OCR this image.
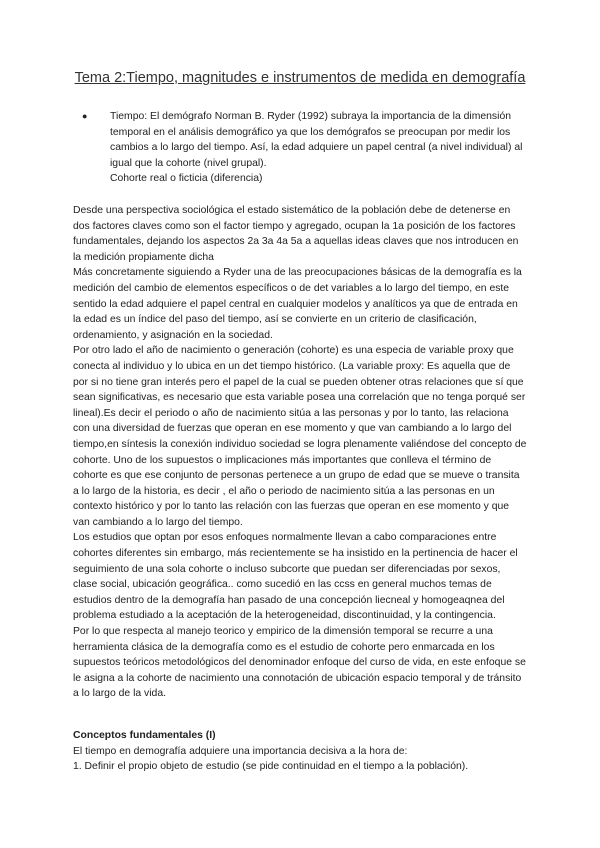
Tema 2:Tiempo, magnitudes e instrumentos de medida en demografía
●	Tiempo: El demógrafo Norman B. Ryder (1992) subraya la importancia de la dimensión temporal en el análisis demográfico ya que los demógrafos se preocupan por medir los cambios a lo largo del tiempo. Así, la edad adquiere un papel central (a nivel individual) al igual que la cohorte (nivel grupal).

Cohorte real o ficticia (diferencia)

Desde una perspectiva sociológica el estado sistemático de la población debe de detenerse en dos factores claves como son el factor tiempo y agregado, ocupan la 1a posición de los factores fundamentales, dejando los aspectos 2a 3a 4a 5a a aquellas ideas claves que nos introducen en la medición propiamente dicha

Más concretamente siguiendo a Ryder una de las preocupaciones básicas de la demografía es la medición del cambio de elementos específicos o de det variables a lo largo del tiempo, en este sentido la edad adquiere el papel central en cualquier modelos y analíticos ya que de entrada en la edad es un índice del paso del tiempo, así se convierte en un criterio de clasificación, ordenamiento, y asignación en la sociedad.

Por otro lado el año de nacimiento o generación (cohorte) es una especia de variable proxy que conecta al individuo y lo ubica en un det tiempo histórico. (La variable proxy: Es aquella que de por si no tiene gran interés pero el papel de la cual se pueden obtener otras relaciones que sí que sean significativas, es necesario que esta variable posea una correlación que no tenga porqué ser lineal).Es decir el periodo o año de nacimiento sitúa a las personas y por lo tanto, las relaciona con una diversidad de fuerzas que operan en ese momento y que van cambiando a lo largo del tiempo,en síntesis la conexión individuo sociedad se logra plenamente valiéndose del concepto de cohorte. Uno de los supuestos o implicaciones más importantes que conlleva el término de cohorte es que ese conjunto de personas pertenece a un grupo de edad que se mueve o transita a lo largo de la historia, es decir , el año o periodo de nacimiento sitúa a las personas en un contexto histórico y por lo tanto las relación con las fuerzas que operan en ese momento y que van cambiando a lo largo del tiempo.

Los estudios que optan por esos enfoques normalmente llevan a cabo comparaciones entre cohortes diferentes sin embargo, más recientemente se ha insistido en la pertinencia de hacer el seguimiento de una sola cohorte o incluso subcorte que puedan ser diferenciadas por sexos, clase social, ubicación geográfica.. como sucedió en las ccss en general muchos temas de estudios dentro de la demografía han pasado de una concepción liecneal y homogeaqnea del problema estudiado a la aceptación de la heterogeneidad, discontinuidad, y la contingencia.

Por lo que respecta al manejo teorico y empirico de la dimensión temporal se recurre a una herramienta clásica de la demografía como es el estudio de cohorte pero enmarcada en los supuestos teóricos metodológicos del denominador enfoque del curso de vida, en este enfoque se le asigna a la cohorte de nacimiento una connotación de ubicación espacio temporal y de tránsito a lo largo de la vida.

Conceptos fundamentales (I)

El tiempo en demografía adquiere una importancia decisiva a la hora de:

1. Definir el propio objeto de estudio (se pide continuidad en el tiempo a la población).
